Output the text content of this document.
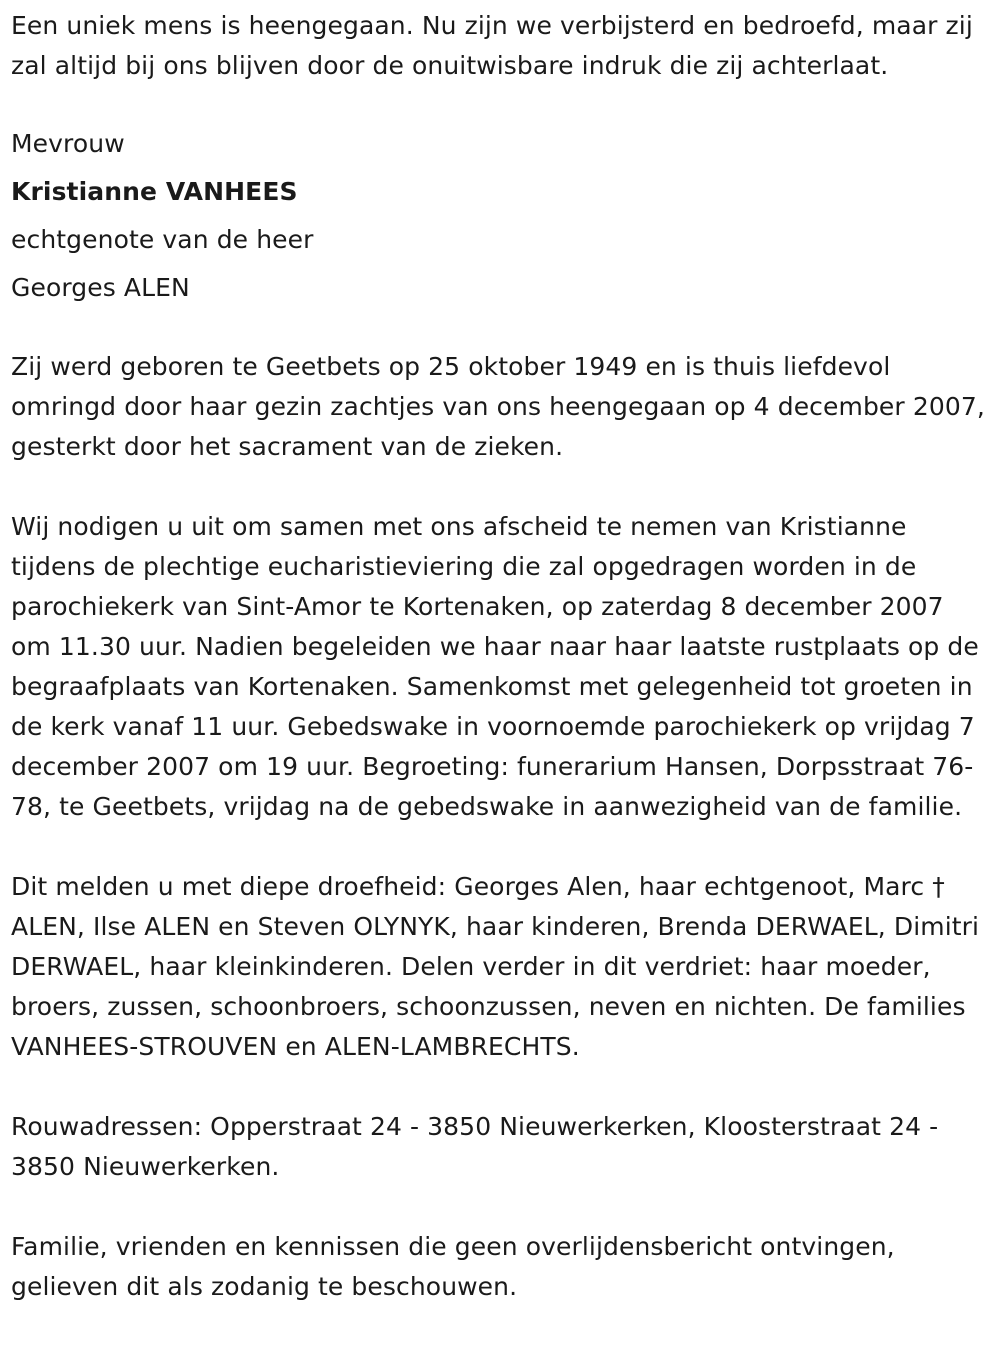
Een uniek mens is heengegaan. Nu zijn we verbijsterd en bedroefd, maar zij zal altijd bij ons blijven door de onuitwisbare indruk die zij achterlaat.

Mevrouw

Kristianne VANHEES

echtgenote van de heer

Georges ALEN

Zij werd geboren te Geetbets op 25 oktober 1949 en is thuis liefdevol omringd door haar gezin zachtjes van ons heengegaan op 4 december 2007, gesterkt door het sacrament van de zieken.

Wij nodigen u uit om samen met ons afscheid te nemen van Kristianne tijdens de plechtige eucharistieviering die zal opgedragen worden in de parochiekerk van Sint-Amor te Kortenaken, op zaterdag 8 december 2007 om 11.30 uur. Nadien begeleiden we haar naar haar laatste rustplaats op de begraafplaats van Kortenaken. Samenkomst met gelegenheid tot groeten in de kerk vanaf 11 uur. Gebedswake in voornoemde parochiekerk op vrijdag 7 december 2007 om 19 uur. Begroeting: funerarium Hansen, Dorpsstraat 76-78, te Geetbets, vrijdag na de gebedswake in aanwezigheid van de familie.

Dit melden u met diepe droefheid: Georges Alen, haar echtgenoot, Marc † ALEN, Ilse ALEN en Steven OLYNYK, haar kinderen, Brenda DERWAEL, Dimitri DERWAEL, haar kleinkinderen. Delen verder in dit verdriet: haar moeder, broers, zussen, schoonbroers, schoonzussen, neven en nichten. De families VANHEES-STROUVEN en ALEN-LAMBRECHTS.

Rouwadressen: Opperstraat 24 - 3850 Nieuwerkerken, Kloosterstraat 24 - 3850 Nieuwerkerken.

Familie, vrienden en kennissen die geen overlijdensbericht ontvingen, gelieven dit als zodanig te beschouwen.
